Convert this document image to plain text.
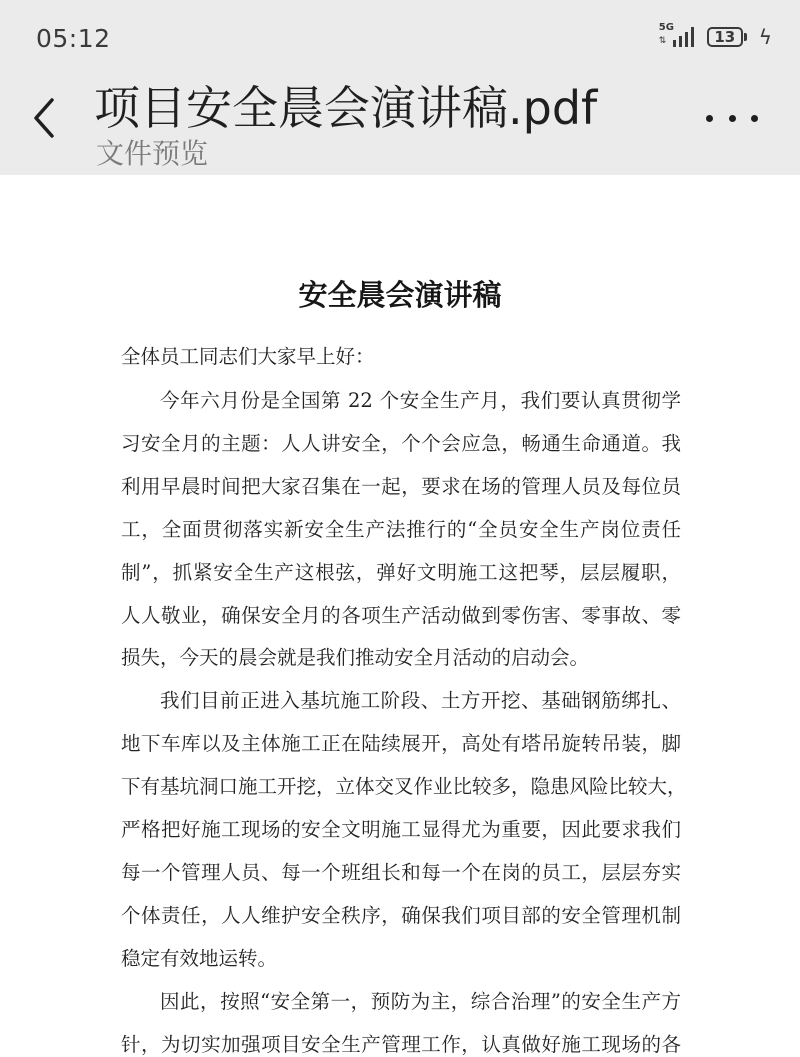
05:12	5G
⇅	13	ϟ
项目安全晨会演讲稿.pdf
文件预览
安全晨会演讲稿
全体员工同志们大家早上好：
今年六月份是全国第 22 个安全生产月，我们要认真贯彻学
习安全月的主题：人人讲安全，个个会应急，畅通生命通道。我
利用早晨时间把大家召集在一起，要求在场的管理人员及每位员
工，全面贯彻落实新安全生产法推行的“全员安全生产岗位责任
制”，抓紧安全生产这根弦，弹好文明施工这把琴，层层履职，
人人敬业，确保安全月的各项生产活动做到零伤害、零事故、零
损失，今天的晨会就是我们推动安全月活动的启动会。
我们目前正进入基坑施工阶段、土方开挖、基础钢筋绑扎、
地下车库以及主体施工正在陆续展开，高处有塔吊旋转吊装，脚
下有基坑洞口施工开挖，立体交叉作业比较多，隐患风险比较大，
严格把好施工现场的安全文明施工显得尤为重要，因此要求我们
每一个管理人员、每一个班组长和每一个在岗的员工，层层夯实
个体责任，人人维护安全秩序，确保我们项目部的安全管理机制
稳定有效地运转。
因此，按照“安全第一，预防为主，综合治理”的安全生产方
针，为切实加强项目安全生产管理工作，认真做好施工现场的各
